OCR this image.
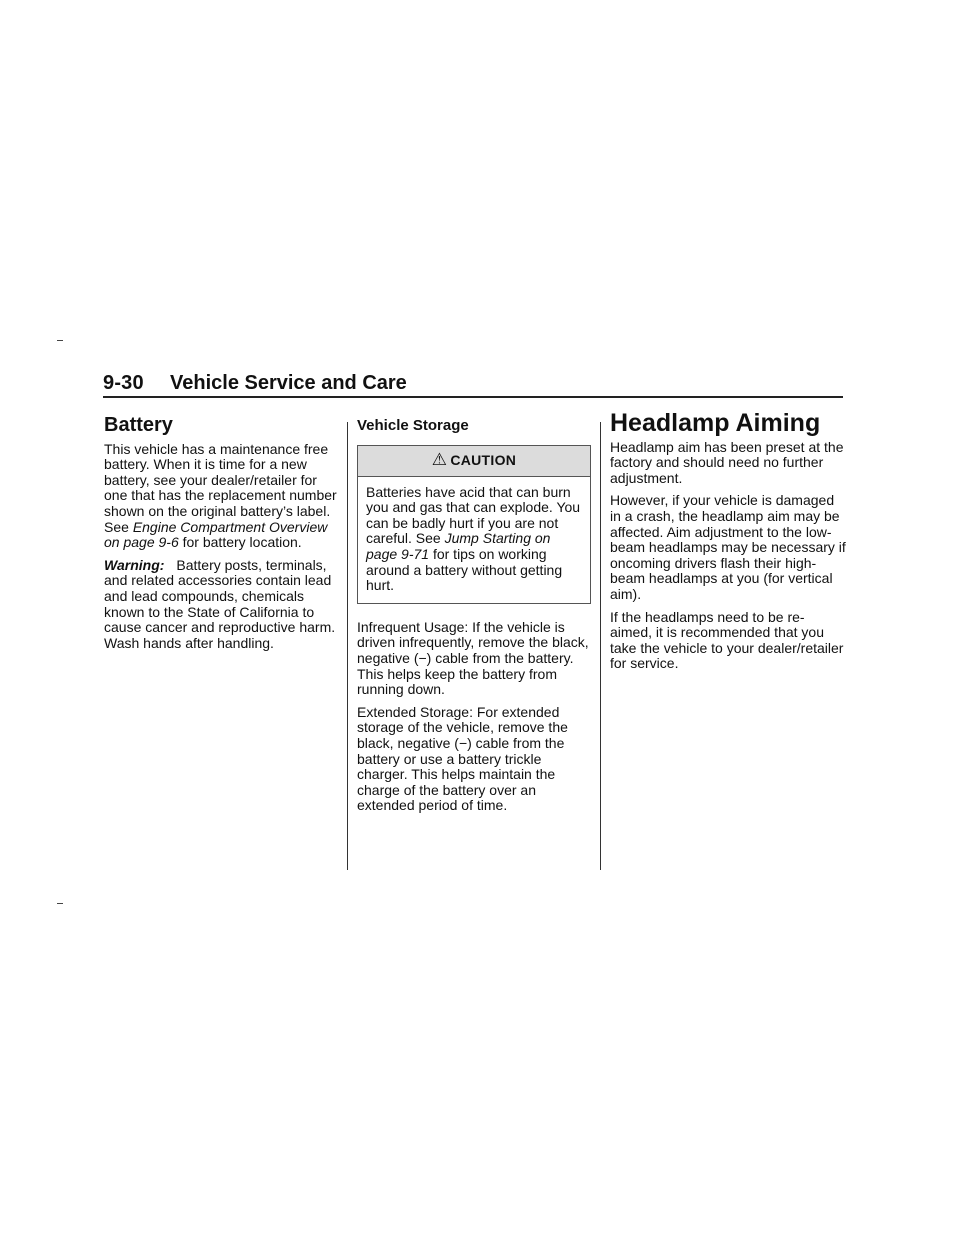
9-30 Vehicle Service and Care
Battery

This vehicle has a maintenance free battery. When it is time for a new battery, see your dealer/retailer for one that has the replacement number shown on the original battery’s label. See Engine Compartment Overview on page 9‑6 for battery location.

Warning: Battery posts, terminals, and related accessories contain lead and lead compounds, chemicals known to the State of California to cause cancer and reproductive harm. Wash hands after handling.

Vehicle Storage
⚠ CAUTION
Batteries have acid that can burn you and gas that can explode. You can be badly hurt if you are not careful. See Jump Starting on page 9‑71 for tips on working around a battery without getting hurt.

Infrequent Usage: If the vehicle is driven infrequently, remove the black, negative (−) cable from the battery. This helps keep the battery from running down.

Extended Storage: For extended storage of the vehicle, remove the black, negative (−) cable from the battery or use a battery trickle charger. This helps maintain the charge of the battery over an extended period of time.

Headlamp Aiming

Headlamp aim has been preset at the factory and should need no further adjustment.

However, if your vehicle is damaged in a crash, the headlamp aim may be affected. Aim adjustment to the low-beam headlamps may be necessary if oncoming drivers flash their high-beam headlamps at you (for vertical aim).

If the headlamps need to be re-aimed, it is recommended that you take the vehicle to your dealer/retailer for service.
